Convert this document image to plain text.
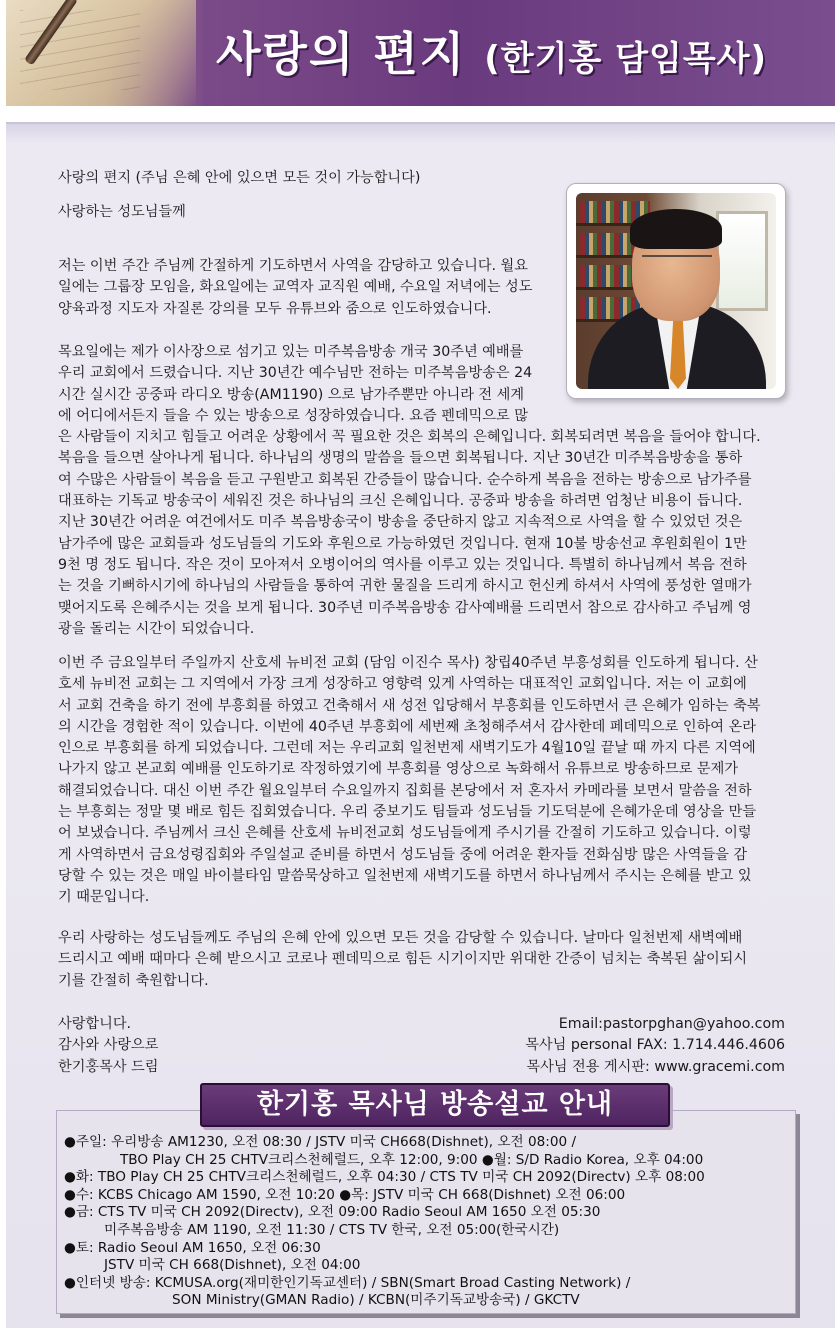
사랑의 편지 (한기홍 담임목사)
사랑의 편지 (주님 은혜 안에 있으면 모든 것이 가능합니다)
사랑하는 성도님들께
저는 이번 주간 주님께 간절하게 기도하면서 사역을 감당하고 있습니다. 월요
일에는 그룹장 모임을, 화요일에는 교역자 교직원 예배, 수요일 저녁에는 성도
양육과정 지도자 자질론 강의를 모두 유튜브와 줌으로 인도하였습니다.
목요일에는 제가 이사장으로 섬기고 있는 미주복음방송 개국 30주년 예배를
우리 교회에서 드렸습니다. 지난 30년간 예수님만 전하는 미주복음방송은 24
시간 실시간 공중파 라디오 방송(AM1190) 으로 남가주뿐만 아니라 전 세계
에 어디에서든지 들을 수 있는 방송으로 성장하였습니다. 요즘 펜데믹으로 많
은 사람들이 지치고 힘들고 어려운 상황에서 꼭 필요한 것은 회복의 은혜입니다. 회복되려면 복음을 들어야 합니다.
복음을 들으면 살아나게 됩니다. 하나님의 생명의 말씀을 들으면 회복됩니다. 지난 30년간 미주복음방송을 통하
여 수많은 사람들이 복음을 듣고 구원받고 회복된 간증들이 많습니다. 순수하게 복음을 전하는 방송으로 남가주를
대표하는 기독교 방송국이 세워진 것은 하나님의 크신 은혜입니다. 공중파 방송을 하려면 엄청난 비용이 듭니다.
지난 30년간 어려운 여건에서도 미주 복음방송국이 방송을 중단하지 않고 지속적으로 사역을 할 수 있었던 것은
남가주에 많은 교회들과 성도님들의 기도와 후원으로 가능하였던 것입니다. 현재 10불 방송선교 후원회원이 1만
9천 명 정도 됩니다. 작은 것이 모아져서 오병이어의 역사를 이루고 있는 것입니다. 특별히 하나님께서 복음 전하
는 것을 기뻐하시기에 하나님의 사람들을 통하여 귀한 물질을 드리게 하시고 헌신케 하셔서 사역에 풍성한 열매가
맺어지도록 은혜주시는 것을 보게 됩니다. 30주년 미주복음방송 감사예배를 드리면서 참으로 감사하고 주님께 영
광을 돌리는 시간이 되었습니다.
이번 주 금요일부터 주일까지 산호세 뉴비전 교회 (담임 이진수 목사) 창립40주년 부흥성회를 인도하게 됩니다. 산
호세 뉴비전 교회는 그 지역에서 가장 크게 성장하고 영향력 있게 사역하는 대표적인 교회입니다. 저는 이 교회에
서 교회 건축을 하기 전에 부흥회를 하였고 건축해서 새 성전 입당해서 부흥회를 인도하면서 큰 은혜가 임하는 축복
의 시간을 경험한 적이 있습니다. 이번에 40주년 부흥회에 세번째 초청해주셔서 감사한데 페데믹으로 인하여 온라
인으로 부흥회를 하게 되었습니다. 그런데 저는 우리교회 일천번제 새벽기도가 4월10일 끝날 때 까지 다른 지역에
나가지 않고 본교회 예배를 인도하기로 작정하였기에 부흥회를 영상으로 녹화해서 유튜브로 방송하므로 문제가
해결되었습니다. 대신 이번 주간 월요일부터 수요일까지 집회를 본당에서 저 혼자서 카메라를 보면서 말씀을 전하
는 부흥회는 정말 몇 배로 힘든 집회였습니다. 우리 중보기도 팀들과 성도님들 기도덕분에 은혜가운데 영상을 만들
어 보냈습니다. 주님께서 크신 은혜를 산호세 뉴비전교회 성도님들에게 주시기를 간절히 기도하고 있습니다. 이렇
게 사역하면서 금요성령집회와 주일설교 준비를 하면서 성도님들 중에 어려운 환자들 전화심방 많은 사역들을 감
당할 수 있는 것은 매일 바이블타임 말씀묵상하고 일천번제 새벽기도를 하면서 하나님께서 주시는 은혜를 받고 있
기 때문입니다.
우리 사랑하는 성도님들께도 주님의 은혜 안에 있으면 모든 것을 감당할 수 있습니다. 날마다 일천번제 새벽예배
드리시고 예배 때마다 은혜 받으시고 코로나 펜데믹으로 힘든 시기이지만 위대한 간증이 넘치는 축복된 삶이되시
기를 간절히 축원합니다.
사랑합니다.
감사와 사랑으로
한기홍목사 드림
Email:pastorpghan@yahoo.com
목사님 personal FAX: 1.714.446.4606
목사님 전용 게시판: www.gracemi.com
한기홍 목사님 방송설교 안내
●주일: 우리방송 AM1230, 오전 08:30 / JSTV 미국 CH668(Dishnet), 오전 08:00 /
TBO Play CH 25 CHTV크리스천헤럴드, 오후 12:00, 9:00 ●월: S/D Radio Korea, 오후 04:00
●화: TBO Play CH 25 CHTV크리스천헤럴드, 오후 04:30 / CTS TV 미국 CH 2092(Directv) 오후 08:00
●수: KCBS Chicago AM 1590, 오전 10:20 ●목: JSTV 미국 CH 668(Dishnet) 오전 06:00
●금: CTS TV 미국 CH 2092(Directv), 오전 09:00 Radio Seoul AM 1650 오전 05:30
미주복음방송 AM 1190, 오전 11:30 / CTS TV 한국, 오전 05:00(한국시간)
●토: Radio Seoul AM 1650, 오전 06:30
JSTV 미국 CH 668(Dishnet), 오전 04:00
●인터넷 방송: KCMUSA.org(재미한인기독교센터) / SBN(Smart Broad Casting Network) /
SON Ministry(GMAN Radio) / KCBN(미주기독교방송국) / GKCTV
